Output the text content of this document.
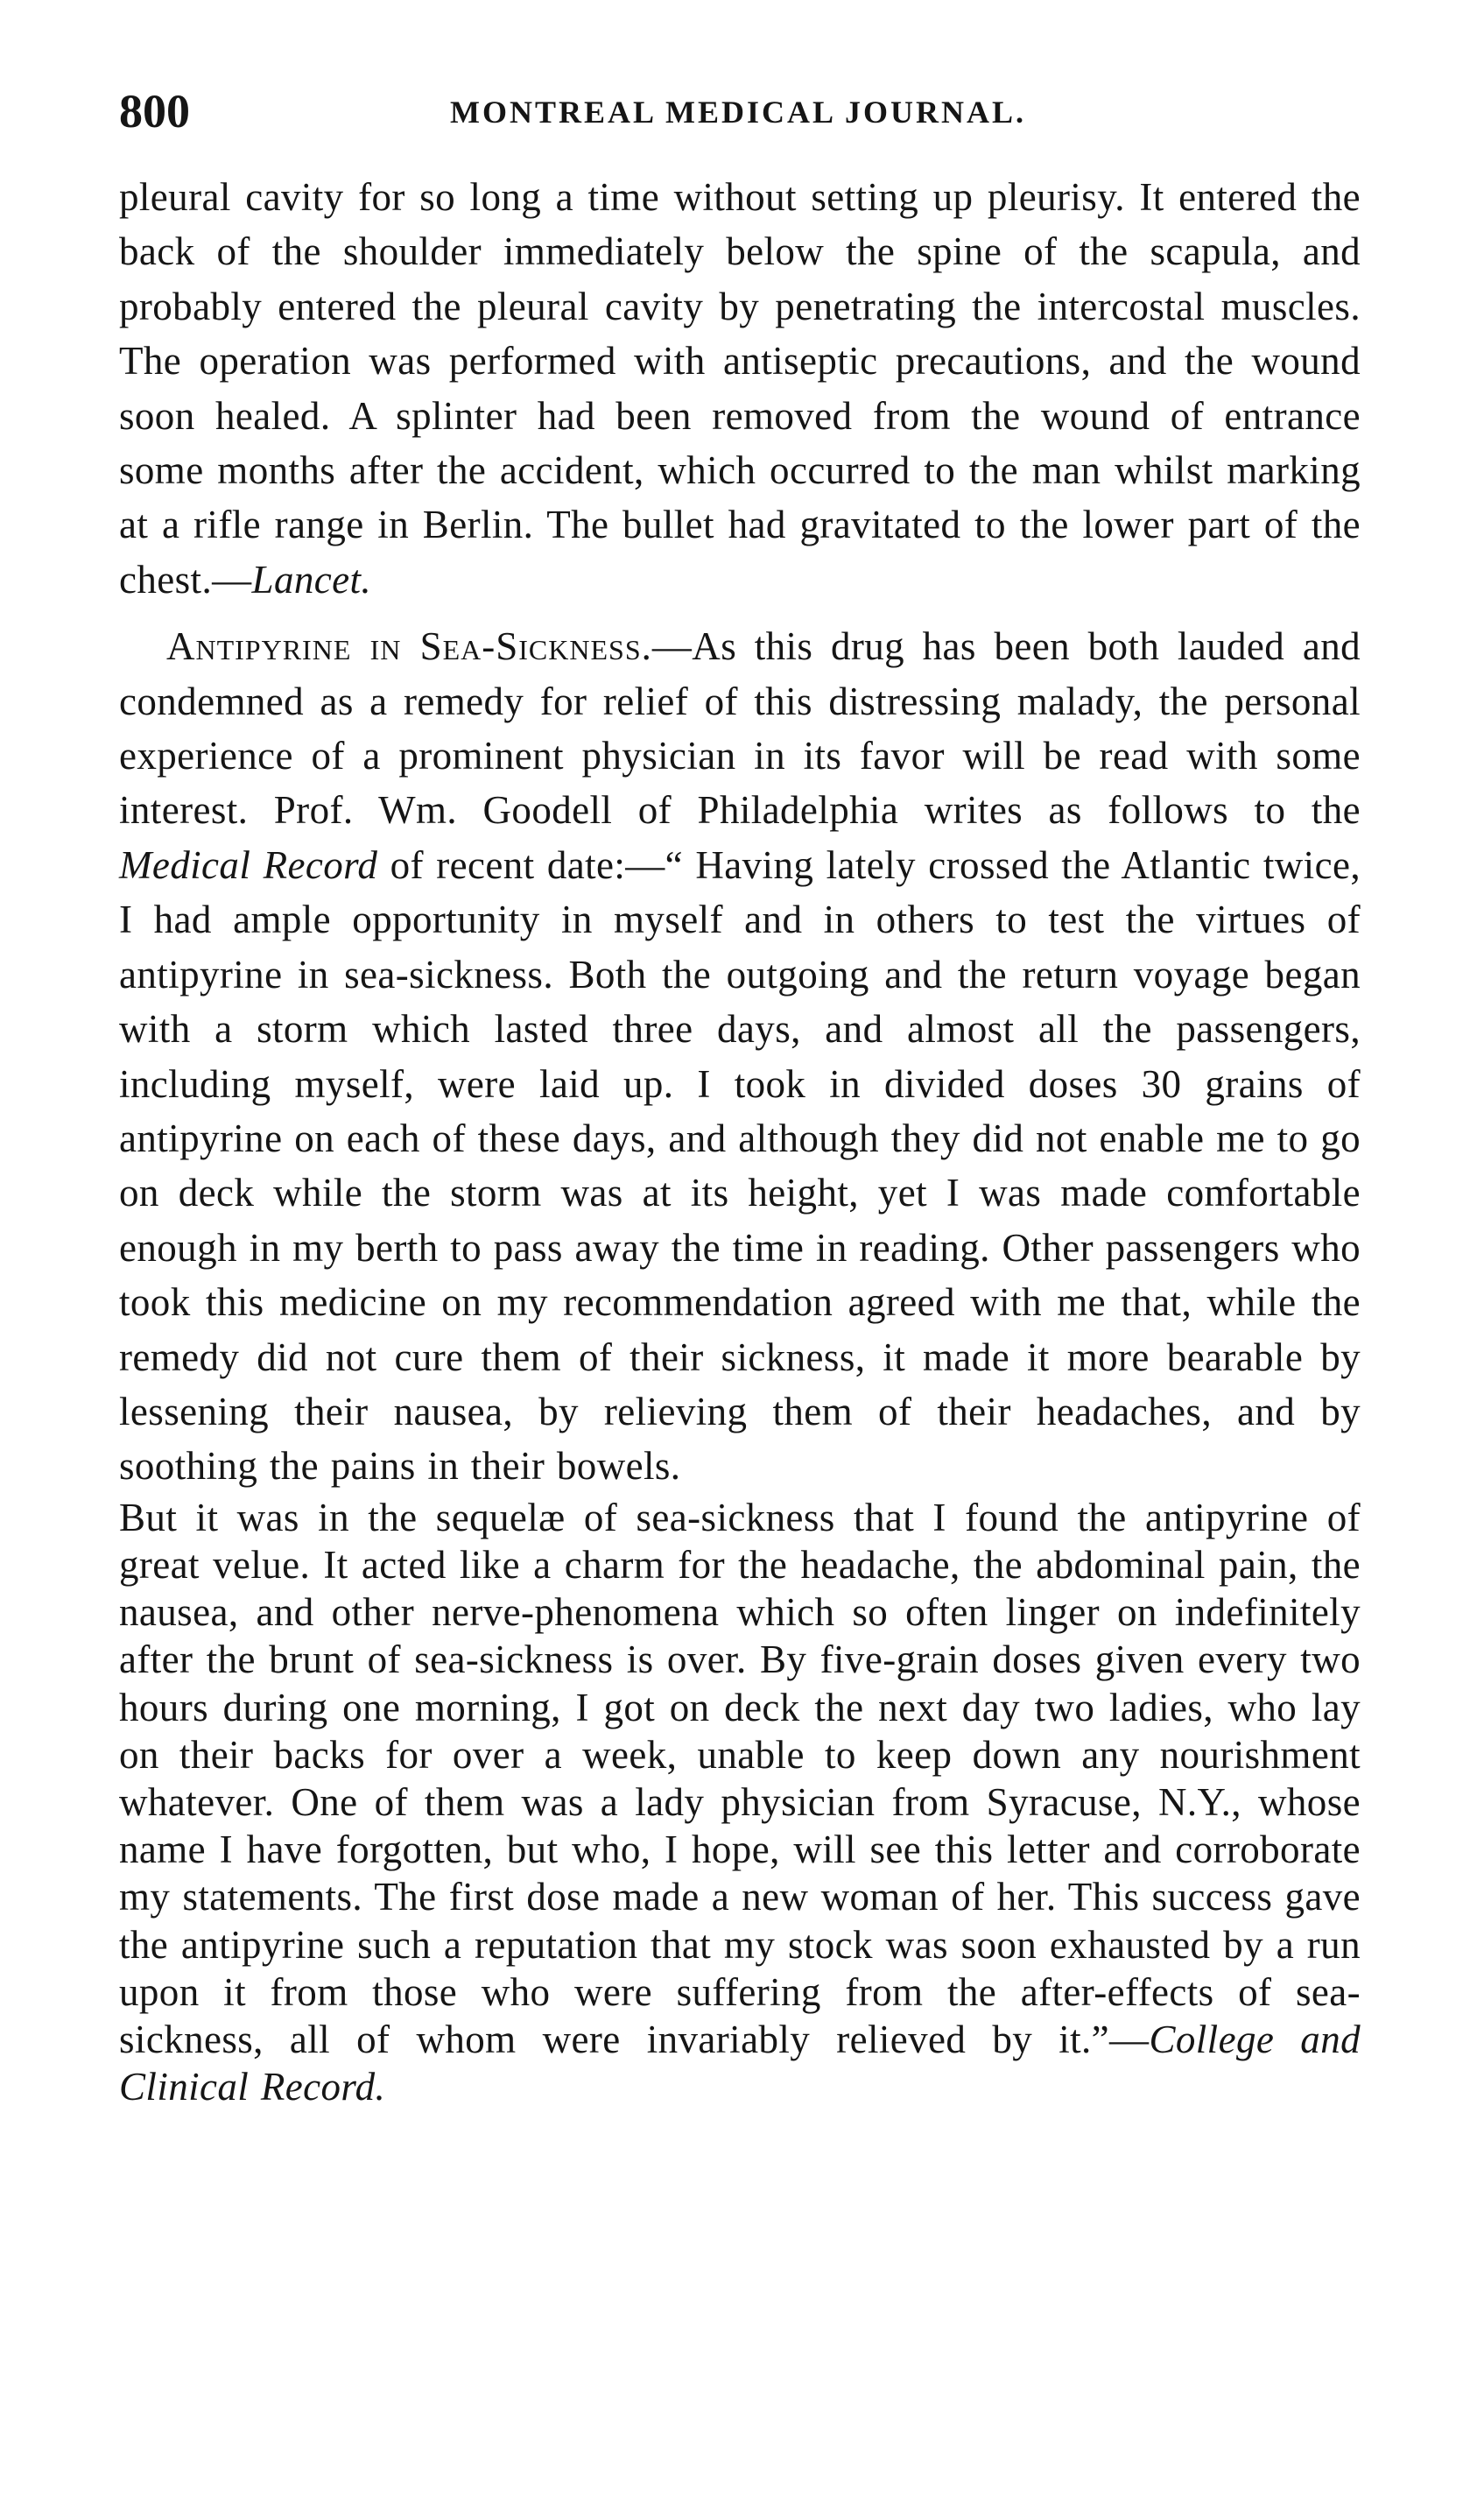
800	MONTREAL MEDICAL JOURNAL.

pleural cavity for so long a time without setting up pleurisy. It entered the back of the shoulder immediately below the spine of the scapula, and probably entered the pleural cavity by penetrating the intercostal muscles. The operation was performed with antiseptic precautions, and the wound soon healed. A splinter had been removed from the wound of entrance some months after the accident, which occurred to the man whilst marking at a rifle range in Berlin. The bullet had gravitated to the lower part of the chest.—Lancet.

Antipyrine in Sea-Sickness.—As this drug has been both lauded and condemned as a remedy for relief of this distressing malady, the personal experience of a prominent physician in its favor will be read with some interest. Prof. Wm. Goodell of Philadelphia writes as follows to the Medical Record of recent date:—“ Having lately crossed the Atlantic twice, I had ample opportunity in myself and in others to test the virtues of antipyrine in sea-sickness. Both the outgoing and the return voyage began with a storm which lasted three days, and almost all the passengers, including myself, were laid up. I took in divided doses 30 grains of antipyrine on each of these days, and although they did not enable me to go on deck while the storm was at its height, yet I was made comfortable enough in my berth to pass away the time in reading. Other passengers who took this medicine on my recommendation agreed with me that, while the remedy did not cure them of their sickness, it made it more bearable by lessening their nausea, by relieving them of their headaches, and by soothing the pains in their bowels.

But it was in the sequelæ of sea-sickness that I found the antipyrine of great velue. It acted like a charm for the headache, the abdominal pain, the nausea, and other nerve-phenomena which so often linger on indefinitely after the brunt of sea-sickness is over. By five-grain doses given every two hours during one morning, I got on deck the next day two ladies, who lay on their backs for over a week, unable to keep down any nourishment whatever. One of them was a lady physician from Syracuse, N.Y., whose name I have forgotten, but who, I hope, will see this letter and corroborate my statements. The first dose made a new woman of her. This success gave the antipyrine such a reputation that my stock was soon exhausted by a run upon it from those who were suffering from the after-effects of sea-sickness, all of whom were invariably relieved by it.”—College and Clinical Record.
